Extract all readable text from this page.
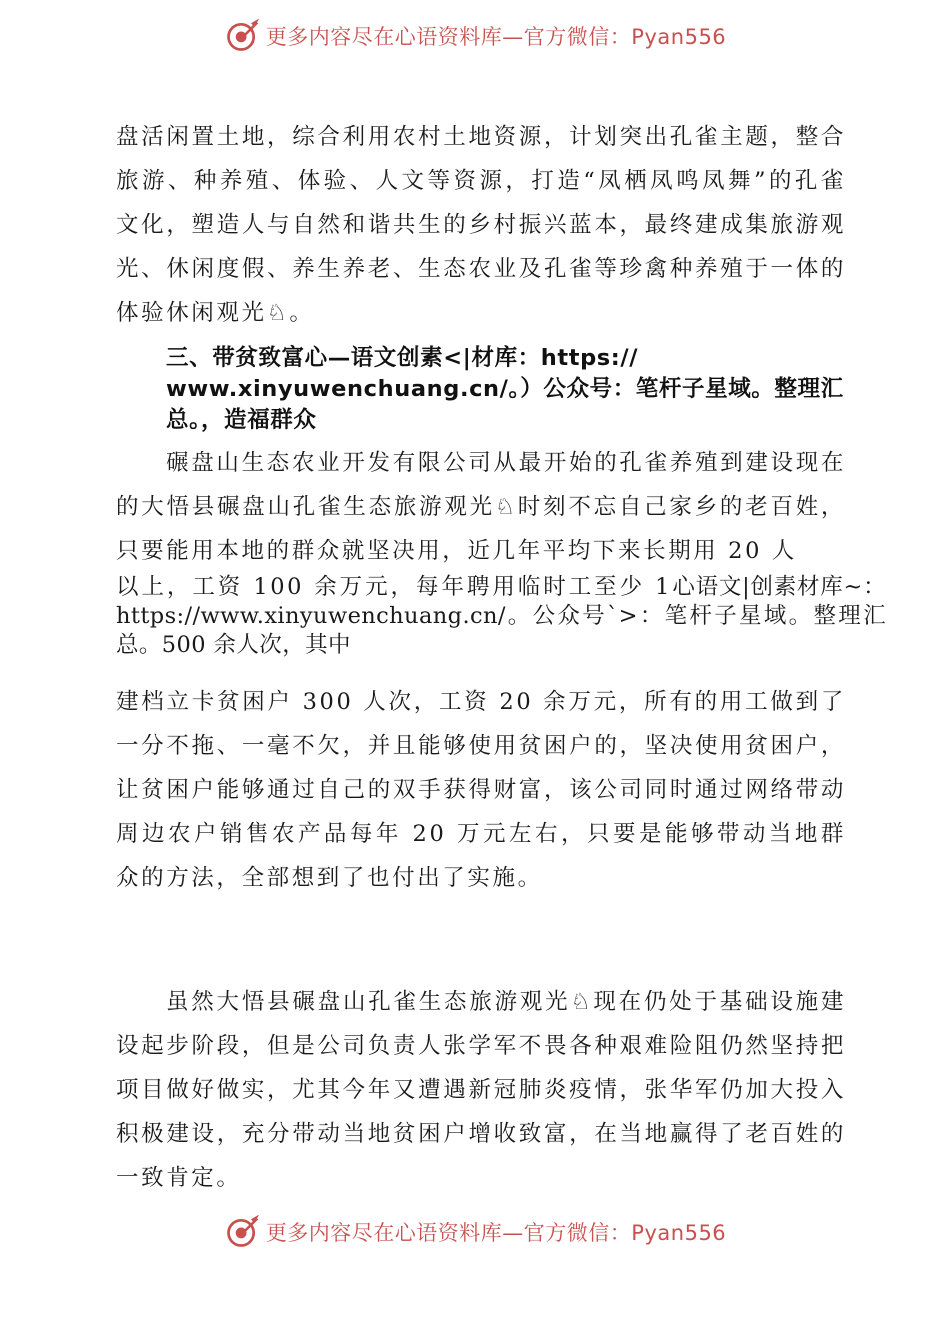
更多内容尽在心语资料库—官方微信：Pyan556

盘活闲置土地，综合利用农村土地资源，计划突出孔雀主题，整合旅游、种养殖、体验、人文等资源，打造“凤栖凤鸣凤舞”的孔雀文化，塑造人与自然和谐共生的乡村振兴蓝本，最终建成集旅游观光、休闲度假、养生养老、生态农业及孔雀等珍禽种养殖于一体的体验休闲观光♘。

三、带贫致富心—语文创素<|材库：https:// www.xinyuwenchuang.cn/。）公众号：笔杆子星域。整理汇总。，造福群众
碾盘山生态农业开发有限公司从最开始的孔雀养殖到建设现在的大悟县碾盘山孔雀生态旅游观光♘时刻不忘自己家乡的老百姓，只要能用本地的群众就坚决用，近几年平均下来长期用 20 人
以上，工资 100 余万元，每年聘用临时工至少 1心语文|创素材库~：https://www.xinyuwenchuang.cn/。公众号`>：笔杆子星域。整理汇总。500 余人次，其中
建档立卡贫困户 300 人次，工资 20 余万元，所有的用工做到了一分不拖、一毫不欠，并且能够使用贫困户的，坚决使用贫困户，让贫困户能够通过自己的双手获得财富，该公司同时通过网络带动周边农户销售农产品每年 20 万元左右，只要是能够带动当地群众的方法，全部想到了也付出了实施。

虽然大悟县碾盘山孔雀生态旅游观光♘现在仍处于基础设施建设起步阶段，但是公司负责人张学军不畏各种艰难险阻仍然坚持把项目做好做实，尤其今年又遭遇新冠肺炎疫情，张华军仍加大投入积极建设，充分带动当地贫困户增收致富，在当地赢得了老百姓的一致肯定。

更多内容尽在心语资料库—官方微信：Pyan556
